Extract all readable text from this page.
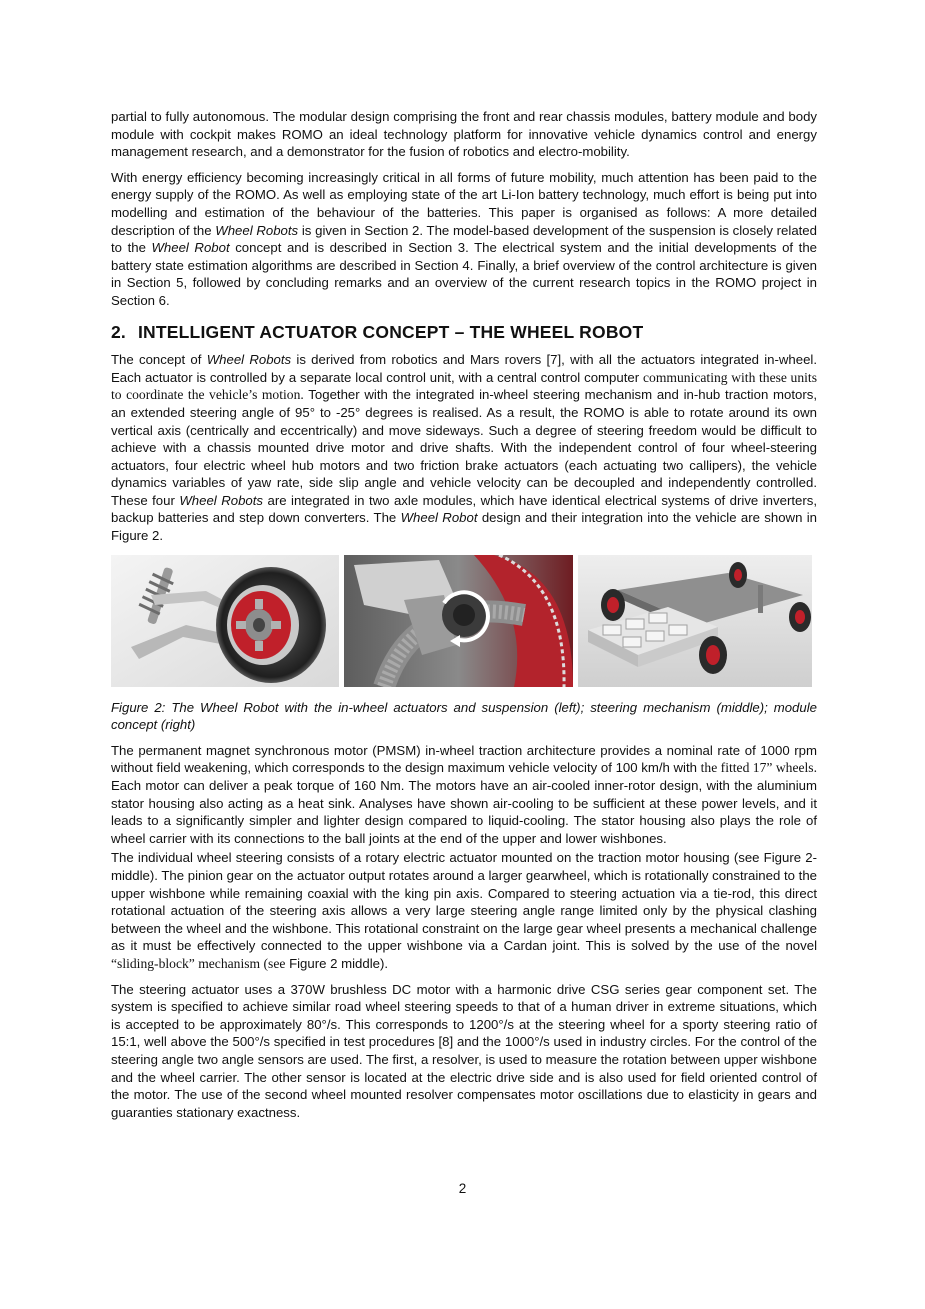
partial to fully autonomous. The modular design comprising the front and rear chassis modules, battery module and body module with cockpit makes ROMO an ideal technology platform for innovative vehicle dynamics control and energy management research, and a demonstrator for the fusion of robotics and electro-mobility.

With energy efficiency becoming increasingly critical in all forms of future mobility, much attention has been paid to the energy supply of the ROMO. As well as employing state of the art Li-Ion battery technology, much effort is being put into modelling and estimation of the behaviour of the batteries. This paper is organised as follows: A more detailed description of the Wheel Robots is given in Section 2. The model-based development of the suspension is closely related to the Wheel Robot concept and is described in Section 3. The electrical system and the initial developments of the battery state estimation algorithms are described in Section 4. Finally, a brief overview of the control architecture is given in Section 5, followed by concluding remarks and an overview of the current research topics in the ROMO project in Section 6.

2. INTELLIGENT ACTUATOR CONCEPT – THE WHEEL ROBOT

The concept of Wheel Robots is derived from robotics and Mars rovers [7], with all the actuators integrated in-wheel. Each actuator is controlled by a separate local control unit, with a central control computer communicating with these units to coordinate the vehicle’s motion. Together with the integrated in-wheel steering mechanism and in-hub traction motors, an extended steering angle of 95° to -25° degrees is realised. As a result, the ROMO is able to rotate around its own vertical axis (centrically and eccentrically) and move sideways. Such a degree of steering freedom would be difficult to achieve with a chassis mounted drive motor and drive shafts. With the independent control of four wheel-steering actuators, four electric wheel hub motors and two friction brake actuators (each actuating two callipers), the vehicle dynamics variables of yaw rate, side slip angle and vehicle velocity can be decoupled and independently controlled. These four Wheel Robots are integrated in two axle modules, which have identical electrical systems of drive inverters, backup batteries and step down converters. The Wheel Robot design and their integration into the vehicle are shown in Figure 2.

Figure 2: The Wheel Robot with the in-wheel actuators and suspension (left); steering mechanism (middle); module concept (right)

The permanent magnet synchronous motor (PMSM) in-wheel traction architecture provides a nominal rate of 1000 rpm without field weakening, which corresponds to the design maximum vehicle velocity of 100 km/h with the fitted 17” wheels. Each motor can deliver a peak torque of 160 Nm. The motors have an air-cooled inner-rotor design, with the aluminium stator housing also acting as a heat sink. Analyses have shown air-cooling to be sufficient at these power levels, and it leads to a significantly simpler and lighter design compared to liquid-cooling. The stator housing also plays the role of wheel carrier with its connections to the ball joints at the end of the upper and lower wishbones.

The individual wheel steering consists of a rotary electric actuator mounted on the traction motor housing (see Figure 2-middle). The pinion gear on the actuator output rotates around a larger gearwheel, which is rotationally constrained to the upper wishbone while remaining coaxial with the king pin axis. Compared to steering actuation via a tie-rod, this direct rotational actuation of the steering axis allows a very large steering angle range limited only by the physical clashing between the wheel and the wishbone. This rotational constraint on the large gear wheel presents a mechanical challenge as it must be effectively connected to the upper wishbone via a Cardan joint. This is solved by the use of the novel “sliding-block” mechanism (see Figure 2 middle).

The steering actuator uses a 370W brushless DC motor with a harmonic drive CSG series gear component set. The system is specified to achieve similar road wheel steering speeds to that of a human driver in extreme situations, which is accepted to be approximately 80°/s. This corresponds to 1200°/s at the steering wheel for a sporty steering ratio of 15:1, well above the 500°/s specified in test procedures [8] and the 1000°/s used in industry circles. For the control of the steering angle two angle sensors are used. The first, a resolver, is used to measure the rotation between upper wishbone and the wheel carrier. The other sensor is located at the electric drive side and is also used for field oriented control of the motor. The use of the second wheel mounted resolver compensates motor oscillations due to elasticity in gears and guaranties stationary exactness.

2
